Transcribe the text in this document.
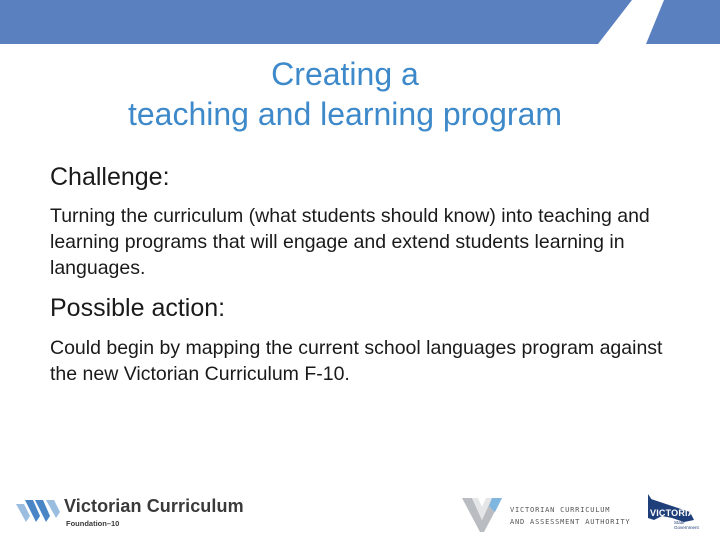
Creating a
teaching and learning program
Challenge:

Turning the curriculum (what students should know) into teaching and learning programs that will engage and extend students learning in languages.

Possible action:

Could begin by mapping the current school languages program against the new Victorian Curriculum F-10.

Victorian Curriculum
Foundation–10
VICTORIAN CURRICULUM
AND ASSESSMENT AUTHORITY
VICTORIA
State
Government
